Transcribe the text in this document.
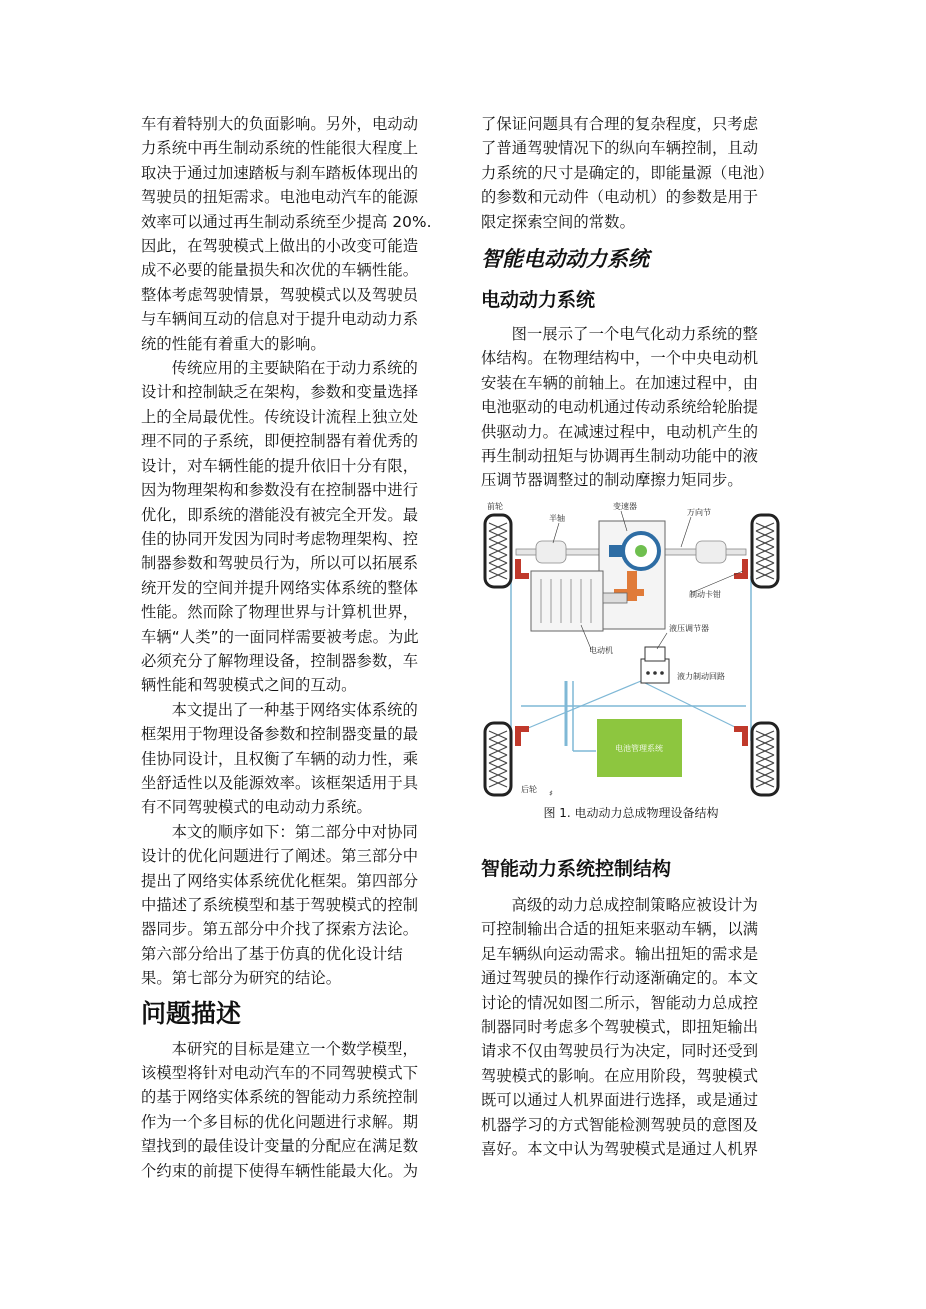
车有着特别大的负面影响。另外，电动动力系统中再生制动系统的性能很大程度上取决于通过加速踏板与刹车踏板体现出的驾驶员的扭矩需求。电池电动汽车的能源效率可以通过再生制动系统至少提高 20%. 因此，在驾驶模式上做出的小改变可能造成不必要的能量损失和次优的车辆性能。整体考虑驾驶情景，驾驶模式以及驾驶员与车辆间互动的信息对于提升电动动力系统的性能有着重大的影响。

传统应用的主要缺陷在于动力系统的设计和控制缺乏在架构，参数和变量选择上的全局最优性。传统设计流程上独立处理不同的子系统，即便控制器有着优秀的设计，对车辆性能的提升依旧十分有限，因为物理架构和参数没有在控制器中进行优化，即系统的潜能没有被完全开发。最佳的协同开发因为同时考虑物理架构、控制器参数和驾驶员行为，所以可以拓展系统开发的空间并提升网络实体系统的整体性能。然而除了物理世界与计算机世界，车辆“人类”的一面同样需要被考虑。为此必须充分了解物理设备，控制器参数，车辆性能和驾驶模式之间的互动。

本文提出了一种基于网络实体系统的框架用于物理设备参数和控制器变量的最佳协同设计，且权衡了车辆的动力性，乘坐舒适性以及能源效率。该框架适用于具有不同驾驶模式的电动动力系统。

本文的顺序如下：第二部分中对协同设计的优化问题进行了阐述。第三部分中提出了网络实体系统优化框架。第四部分中描述了系统模型和基于驾驶模式的控制器同步。第五部分中介找了探索方法论。第六部分给出了基于仿真的优化设计结果。第七部分为研究的结论。

问题描述

本研究的目标是建立一个数学模型，该模型将针对电动汽车的不同驾驶模式下的基于网络实体系统的智能动力系统控制作为一个多目标的优化问题进行求解。期望找到的最佳设计变量的分配应在满足数个约束的前提下使得车辆性能最大化。为

了保证问题具有合理的复杂程度，只考虑了普通驾驶情况下的纵向车辆控制，且动力系统的尺寸是确定的，即能量源（电池）的参数和元动件（电动机）的参数是用于限定探索空间的常数。

智能电动动力系统
电动动力系统

图一展示了一个电气化动力系统的整体结构。在物理结构中，一个中央电动机安装在车辆的前轴上。在加速过程中，由电池驱动的电动机通过传动系统给轮胎提供驱动力。在减速过程中，电动机产生的再生制动扭矩与协调再生制动功能中的液压调节器调整过的制动摩擦力矩同步。

电池管理系统
前轮
半轴
变速器
万向节
制动卡钳
液压调节器
电动机
液力制动回路
后轮 ♯

图 1. 电动动力总成物理设备结构

智能动力系统控制结构

高级的动力总成控制策略应被设计为可控制输出合适的扭矩来驱动车辆，以满足车辆纵向运动需求。输出扭矩的需求是通过驾驶员的操作行动逐渐确定的。本文讨论的情况如图二所示，智能动力总成控制器同时考虑多个驾驶模式，即扭矩输出请求不仅由驾驶员行为决定，同时还受到驾驶模式的影响。在应用阶段，驾驶模式既可以通过人机界面进行选择，或是通过机器学习的方式智能检测驾驶员的意图及喜好。本文中认为驾驶模式是通过人机界
